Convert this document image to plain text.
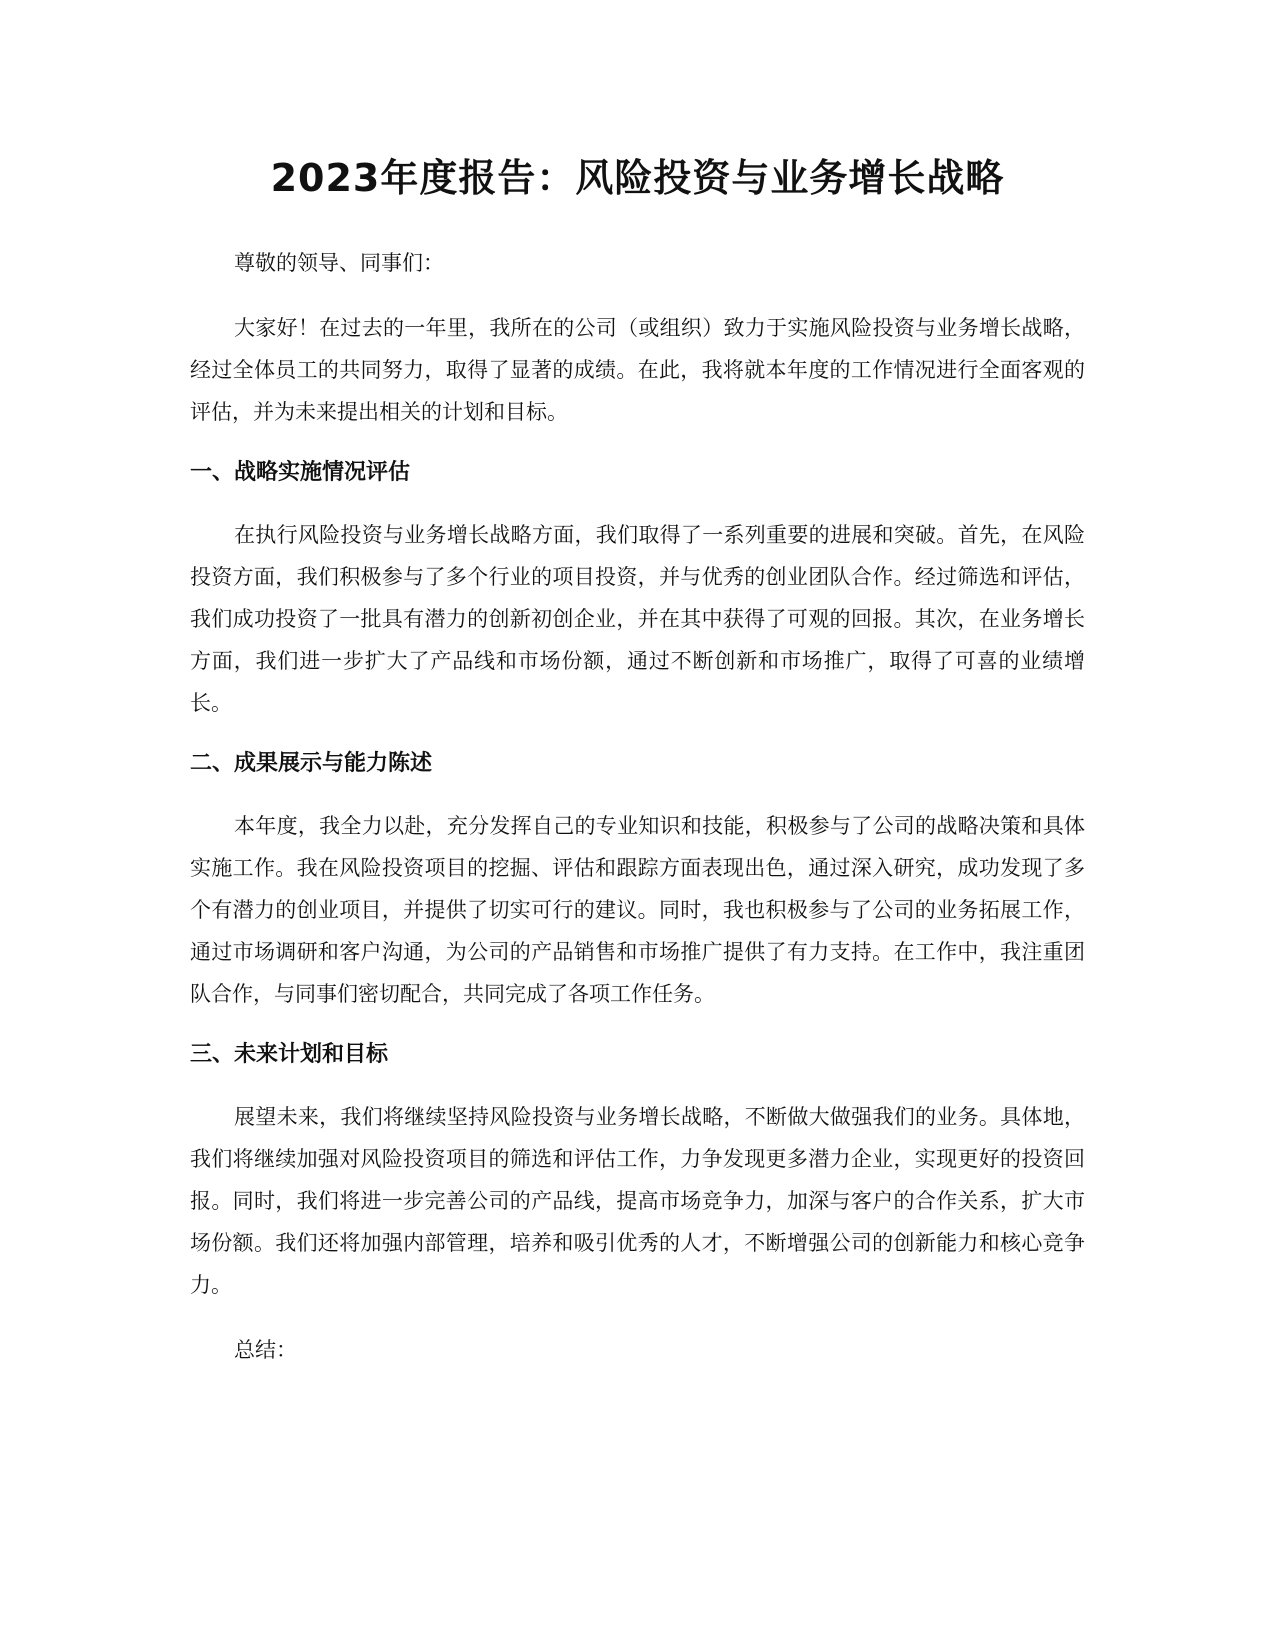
2023年度报告：风险投资与业务增长战略

尊敬的领导、同事们：

大家好！在过去的一年里，我所在的公司（或组织）致力于实施风险投资与业务增长战略，经过全体员工的共同努力，取得了显著的成绩。在此，我将就本年度的工作情况进行全面客观的评估，并为未来提出相关的计划和目标。

一、战略实施情况评估

在执行风险投资与业务增长战略方面，我们取得了一系列重要的进展和突破。首先，在风险投资方面，我们积极参与了多个行业的项目投资，并与优秀的创业团队合作。经过筛选和评估，我们成功投资了一批具有潜力的创新初创企业，并在其中获得了可观的回报。其次，在业务增长方面，我们进一步扩大了产品线和市场份额，通过不断创新和市场推广，取得了可喜的业绩增长。

二、成果展示与能力陈述

本年度，我全力以赴，充分发挥自己的专业知识和技能，积极参与了公司的战略决策和具体实施工作。我在风险投资项目的挖掘、评估和跟踪方面表现出色，通过深入研究，成功发现了多个有潜力的创业项目，并提供了切实可行的建议。同时，我也积极参与了公司的业务拓展工作，通过市场调研和客户沟通，为公司的产品销售和市场推广提供了有力支持。在工作中，我注重团队合作，与同事们密切配合，共同完成了各项工作任务。

三、未来计划和目标

展望未来，我们将继续坚持风险投资与业务增长战略，不断做大做强我们的业务。具体地，我们将继续加强对风险投资项目的筛选和评估工作，力争发现更多潜力企业，实现更好的投资回报。同时，我们将进一步完善公司的产品线，提高市场竞争力，加深与客户的合作关系，扩大市场份额。我们还将加强内部管理，培养和吸引优秀的人才，不断增强公司的创新能力和核心竞争力。

总结：
